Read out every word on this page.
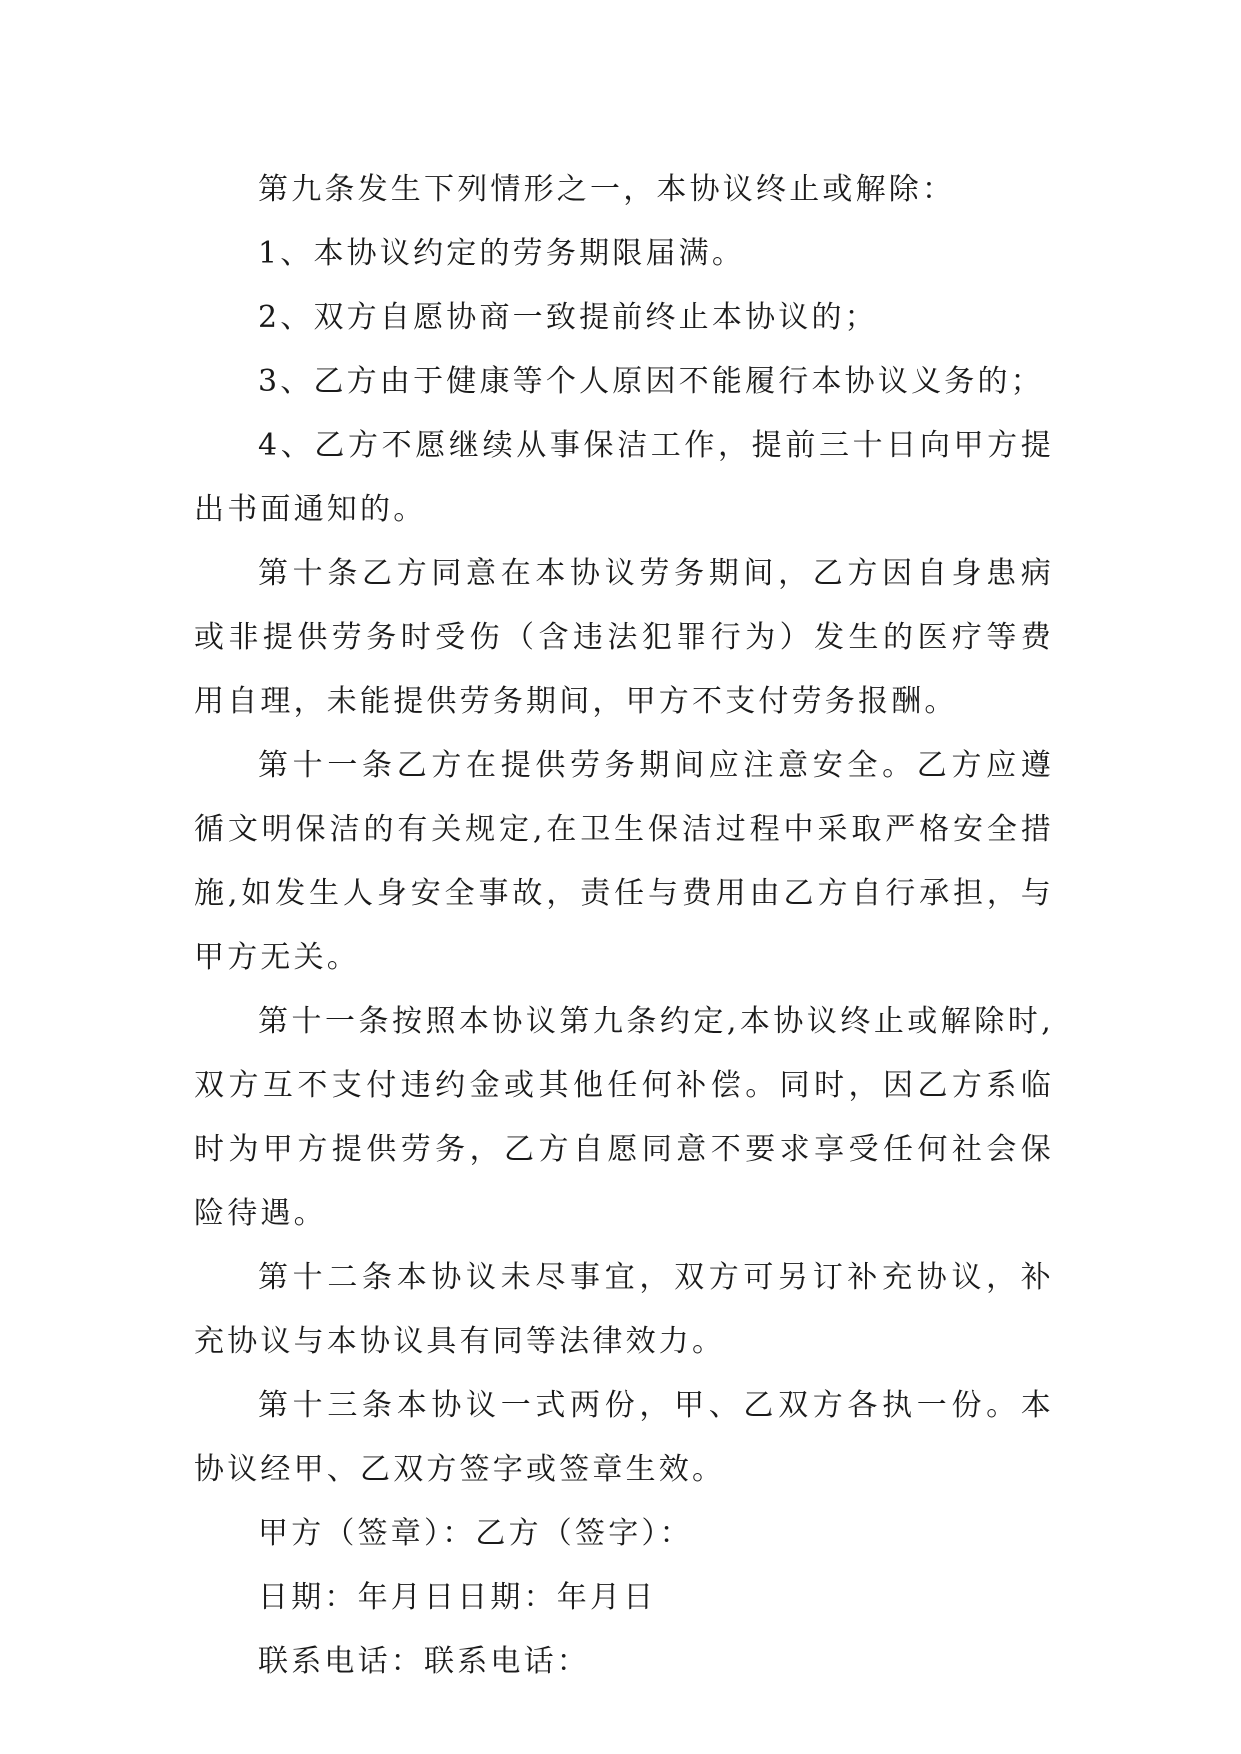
第九条发生下列情形之一，本协议终止或解除：

1、本协议约定的劳务期限届满。

2、双方自愿协商一致提前终止本协议的；

3、乙方由于健康等个人原因不能履行本协议义务的；

4、乙方不愿继续从事保洁工作，提前三十日向甲方提出书面通知的。

第十条乙方同意在本协议劳务期间，乙方因自身患病或非提供劳务时受伤（含违法犯罪行为）发生的医疗等费用自理，未能提供劳务期间，甲方不支付劳务报酬。

第十一条乙方在提供劳务期间应注意安全。乙方应遵循文明保洁的有关规定,在卫生保洁过程中采取严格安全措施,如发生人身安全事故，责任与费用由乙方自行承担，与甲方无关。

第十一条按照本协议第九条约定,本协议终止或解除时,双方互不支付违约金或其他任何补偿。同时，因乙方系临时为甲方提供劳务，乙方自愿同意不要求享受任何社会保险待遇。

第十二条本协议未尽事宜，双方可另订补充协议，补充协议与本协议具有同等法律效力。

第十三条本协议一式两份，甲、乙双方各执一份。本协议经甲、乙双方签字或签章生效。

甲方（签章）：乙方（签字）：

日期：年月日日期：年月日

联系电话：联系电话：
